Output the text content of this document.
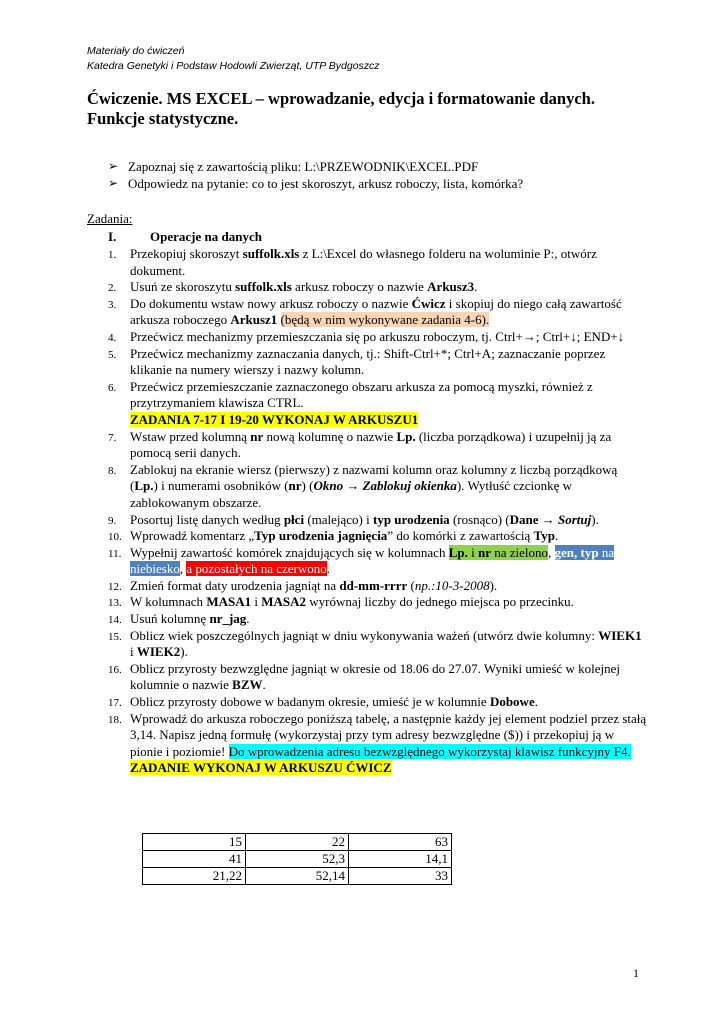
Materiały do ćwiczeń
Katedra Genetyki i Podstaw Hodowli Zwierząt, UTP Bydgoszcz
Ćwiczenie. MS EXCEL – wprowadzanie, edycja i formatowanie danych. Funkcje statystyczne.
➢ Zapoznaj się z zawartością pliku: L:\PRZEWODNIK\EXCEL.PDF
➢ Odpowiedz na pytanie: co to jest skoroszyt, arkusz roboczy, lista, komórka?
Zadania:
I.	Operacje na danych
1. Przekopiuj skoroszyt suffolk.xls z L:\Excel do własnego folderu na woluminie P:, otwórz dokument.
2. Usuń ze skoroszytu suffolk.xls arkusz roboczy o nazwie Arkusz3.
3. Do dokumentu wstaw nowy arkusz roboczy o nazwie Ćwicz i skopiuj do niego całą zawartość arkusza roboczego Arkusz1 (będą w nim wykonywane zadania 4-6).
4. Przećwicz mechanizmy przemieszczania się po arkuszu roboczym, tj. Ctrl+→; Ctrl+↓; END+↓
5. Przećwicz mechanizmy zaznaczania danych, tj.: Shift-Ctrl+*; Ctrl+A; zaznaczanie poprzez klikanie na numery wierszy i nazwy kolumn.
6. Przećwicz przemieszczanie zaznaczonego obszaru arkusza za pomocą myszki, również z przytrzymaniem klawisza CTRL.
ZADANIA 7-17 I 19-20 WYKONAJ W ARKUSZU1
7. Wstaw przed kolumną nr nową kolumnę o nazwie Lp. (liczba porządkowa) i uzupełnij ją za pomocą serii danych.
8. Zablokuj na ekranie wiersz (pierwszy) z nazwami kolumn oraz kolumny z liczbą porządkową (Lp.) i numerami osobników (nr) (Okno → Zablokuj okienka). Wytłuść czcionkę w zablokowanym obszarze.
9. Posortuj listę danych według płci (malejąco) i typ urodzenia (rosnąco) (Dane → Sortuj).
10. Wprowadź komentarz „Typ urodzenia jagnięcia” do komórki z zawartością Typ.
11. Wypełnij zawartość komórek znajdujących się w kolumnach Lp. i nr na zielono, gen, typ na niebiesko, a pozostałych na czerwono.
12. Zmień format daty urodzenia jagniąt na dd-mm-rrrr (np.:10-3-2008).
13. W kolumnach MASA1 i MASA2 wyrównaj liczby do jednego miejsca po przecinku.
14. Usuń kolumnę nr_jag.
15. Oblicz wiek poszczególnych jagniąt w dniu wykonywania ważeń (utwórz dwie kolumny: WIEK1 i WIEK2).
16. Oblicz przyrosty bezwzględne jagniąt w okresie od 18.06 do 27.07. Wyniki umieść w kolejnej kolumnie o nazwie BZW.
17. Oblicz przyrosty dobowe w badanym okresie, umieść je w kolumnie Dobowe.
18. Wprowadź do arkusza roboczego poniższą tabelę, a następnie każdy jej element podziel przez stałą 3,14. Napisz jedną formułę (wykorzystaj przy tym adresy bezwzględne ($)) i przekopiuj ją w pionie i poziomie! Do wprowadzenia adresu bezwzględnego wykorzystaj klawisz funkcyjny F4.
ZADANIE WYKONAJ W ARKUSZU ĆWICZ
15	22	63
41	52,3	14,1
21,22	52,14	33
1
